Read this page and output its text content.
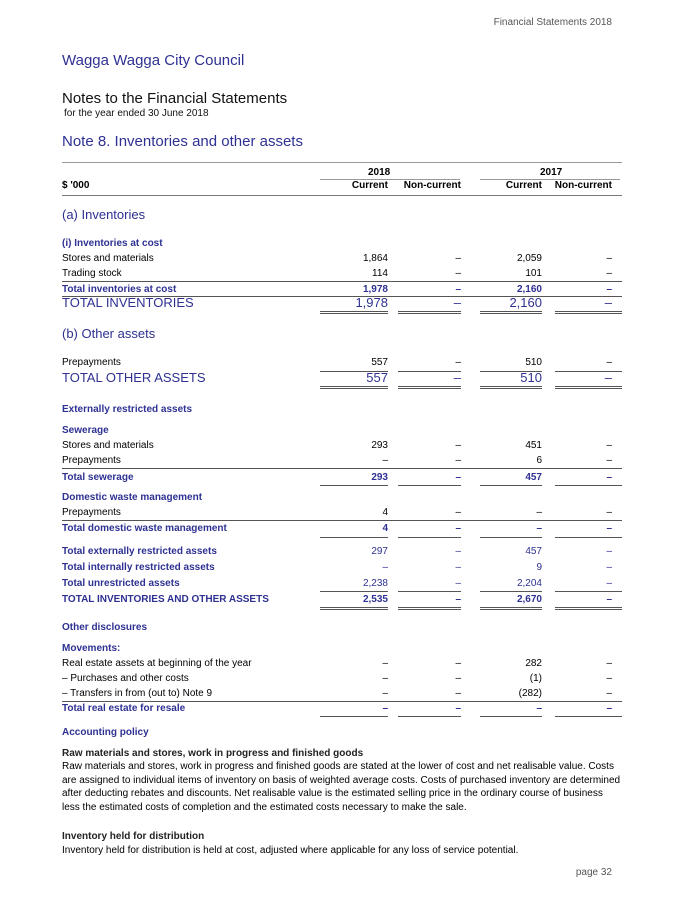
Financial Statements 2018
Wagga Wagga City Council
Notes to the Financial Statements
for the year ended 30 June 2018
Note 8. Inventories and other assets
2018	2017
$ '000	Current Non-current	Current Non-current
(a) Inventories
(i) Inventories at cost
Stores and materials	1,864	–	2,059	–
Trading stock	114	–	101	–
Total inventories at cost	1,978	–	2,160	–
TOTAL INVENTORIES	1,978	–	2,160	–
(b) Other assets
Prepayments	557	–	510	–
TOTAL OTHER ASSETS	557	–	510	–
Externally restricted assets
Sewerage
Stores and materials	293	–	451	–
Prepayments	–	–	6	–
Total sewerage	293	–	457	–
Domestic waste management
Prepayments	4	–	–	–
Total domestic waste management	4	–	–	–
Total externally restricted assets	297	–	457	–
Total internally restricted assets	–	–	9	–
Total unrestricted assets	2,238	–	2,204	–
TOTAL INVENTORIES AND OTHER ASSETS	2,535	–	2,670	–
Other disclosures
Movements:
Real estate assets at beginning of the year	–	–	282	–
– Purchases and other costs	–	–	(1)	–
– Transfers in from (out to) Note 9	–	–	(282)	–
Total real estate for resale	–	–	–	–
Accounting policy
Raw materials and stores, work in progress and finished goods
Raw materials and stores, work in progress and finished goods are stated at the lower of cost and net realisable value. Costs are assigned to individual items of inventory on basis of weighted average costs. Costs of purchased inventory are determined after deducting rebates and discounts. Net realisable value is the estimated selling price in the ordinary course of business less the estimated costs of completion and the estimated costs necessary to make the sale.
Inventory held for distribution
Inventory held for distribution is held at cost, adjusted where applicable for any loss of service potential.
page 32
